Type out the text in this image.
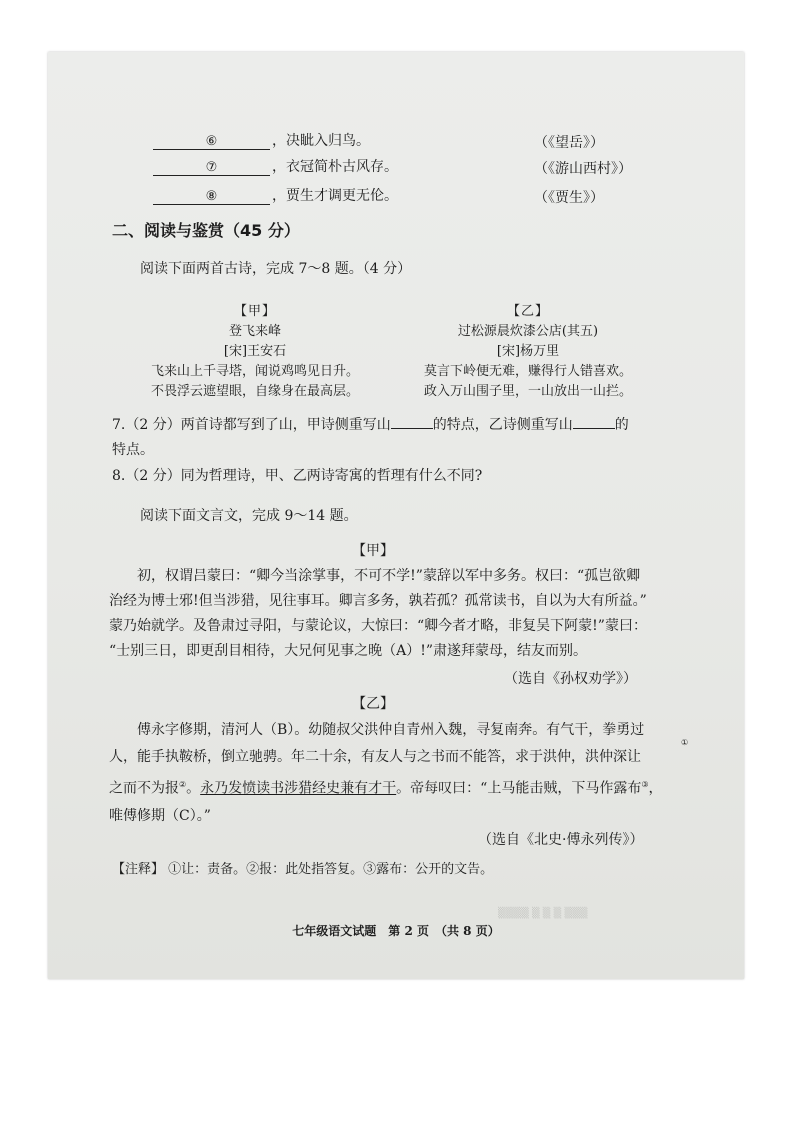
⑥	，决眦入归鸟。	（《望岳》）
⑦	，衣冠简朴古风存。	（《游山西村》）
⑧	，贾生才调更无伦。	（《贾生》）
二、阅读与鉴赏（45 分）
阅读下面两首古诗，完成 7～8 题。（4 分）
【甲】
登飞来峰
[宋]王安石
飞来山上千寻塔，闻说鸡鸣见日升。
不畏浮云遮望眼，自缘身在最高层。
【乙】
过松源晨炊漆公店(其五)
[宋]杨万里
莫言下岭便无难，赚得行人错喜欢。
政入万山围子里，一山放出一山拦。
7.（2 分）两首诗都写到了山，甲诗侧重写山	的特点，乙诗侧重写山	的
特点。
8.（2 分）同为哲理诗，甲、乙两诗寄寓的哲理有什么不同?
阅读下面文言文，完成 9～14 题。
【甲】
初，权谓吕蒙曰：“卿今当涂掌事，不可不学!”蒙辞以军中多务。权曰：“孤岂欲卿
治经为博士邪!但当涉猎，见往事耳。卿言多务，孰若孤？孤常读书，自以为大有所益。”
蒙乃始就学。及鲁肃过寻阳，与蒙论议，大惊曰：“卿今者才略，非复吴下阿蒙!”蒙曰：
“士别三日，即更刮目相待，大兄何见事之晚（A）!”肃遂拜蒙母，结友而别。
（选自《孙权劝学》）
【乙】
傅永字修期，清河人（B）。幼随叔父洪仲自青州入魏，寻复南奔。有气干，拳勇过
人，能手执鞍桥，倒立驰骋。年二十余，有友人与之书而不能答，求于洪仲，洪仲深让
之而不为报②。永乃发愤读书涉猎经史兼有才干。帝每叹曰：“上马能击贼，下马作露布③，
唯傅修期（C）。”
①
（选自《北史·傅永列传》）
【注释】 ①让：责备。②报：此处指答复。③露布：公开的文告。
▒▒▒▒ ▒ ▒ ▒ ▒▒▒
七年级语文试题　第 2 页　（共 8 页）
